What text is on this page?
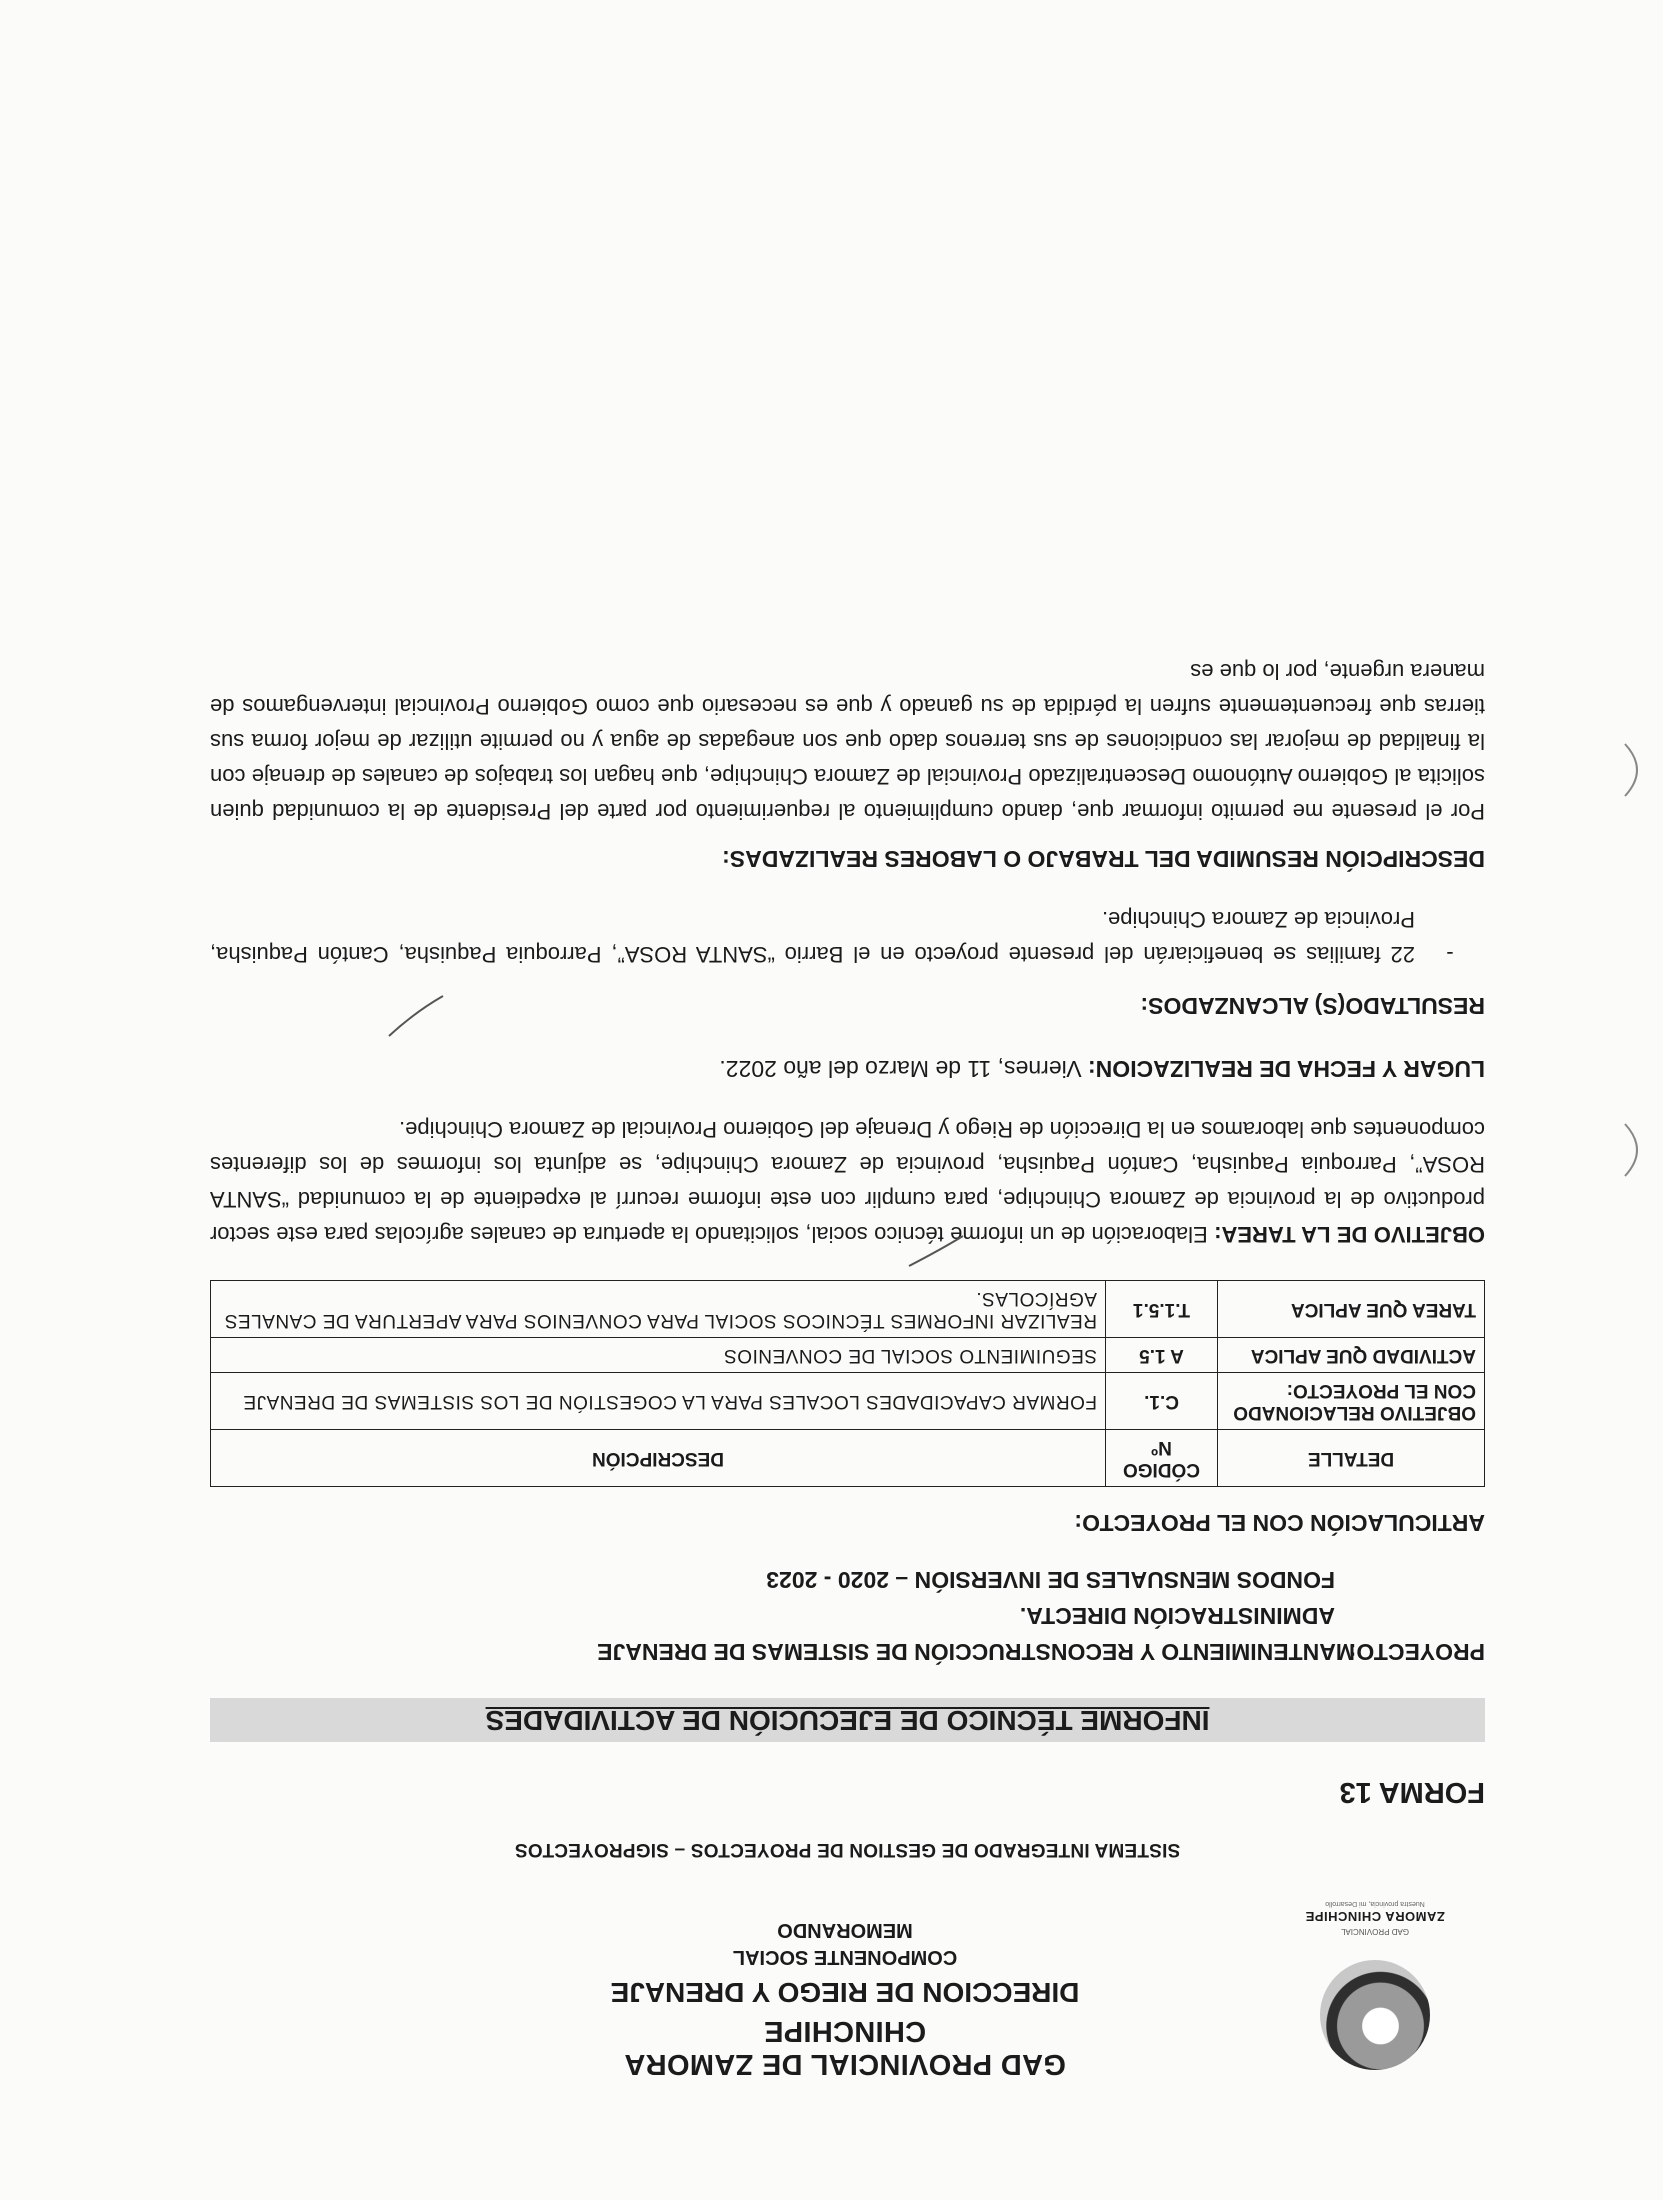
GAD PROVINCIAL
ZAMORA CHINCHIPE
Nuestra provincia, mi Desarrollo
GAD PROVINCIAL DE ZAMORA CHINCHIPE
DIRECCION DE RIEGO Y DRENAJE
COMPONENTE SOCIAL
MEMORANDO
SISTEMA INTEGRADO DE GESTION DE PROYECTOS – SIGPROYECTOS
FORMA 13
INFORME TÉCNICO DE EJECUCIÓN DE ACTIVIDADES
PROYECTO:
MANTENIMIENTO Y RECONSTRUCCIÓN DE SISTEMAS DE DRENAJE
ADMINISTRACIÓN DIRECTA.
FONDOS MENSUALES DE INVERSIÓN – 2020 - 2023
ARTICULACIÓN CON EL PROYECTO:
DETALLE	CÓDIGO Nº	DESCRIPCIÓN
OBJETIVO RELACIONADO CON EL PROYECTO:	C.1.	FORMAR CAPACIDADES LOCALES PARA LA COGESTIÓN DE LOS SISTEMAS DE DRENAJE
ACTIVIDAD QUE APLICA	A 1.5	SEGUIMIENTO SOCIAL DE CONVENIOS
TAREA QUE APLICA	T.1.5.1	REALIZAR INFORMES TÉCNICOS SOCIAL PARA CONVENIOS PARA APERTURA DE CANALES AGRÍCOLAS.
OBJETIVO DE LA TAREA: Elaboración de un informe técnico social, solicitando la apertura de canales agrícolas para este sector productivo de la provincia de Zamora Chinchipe, para cumplir con este informe recurrí al expediente de la comunidad “SANTA ROSA”, Parroquia Paquisha, Cantón Paquisha, provincia de Zamora Chinchipe, se adjunta los informes de los diferentes componentes que laboramos en la Dirección de Riego y Drenaje del Gobierno Provincial de Zamora Chinchipe.
LUGAR Y FECHA DE REALIZACION: Viernes, 11 de Marzo del año 2022.
RESULTADO(S) ALCANZADOS:
-
22 familias se beneficiarán del presente proyecto en el Barrio “SANTA ROSA”, Parroquia Paquisha, Cantón Paquisha, Provincia de Zamora Chinchipe.
DESCRIPCIÓN RESUMIDA DEL TRABAJO O LABORES REALIZADAS:
Por el presente me permito informar que, dando cumplimiento al requerimiento por parte del Presidente de la comunidad quien solicita al Gobierno Autónomo Descentralizado Provincial de Zamora Chinchipe, que hagan los trabajos de canales de drenaje con la finalidad de mejorar las condiciones de sus terrenos dado que son anegadas de agua y no permite utilizar de mejor forma sus tierras que frecuentemente sufren la pérdida de su ganado y que es necesario que como Gobierno Provincial intervengamos de manera urgente, por lo que es
